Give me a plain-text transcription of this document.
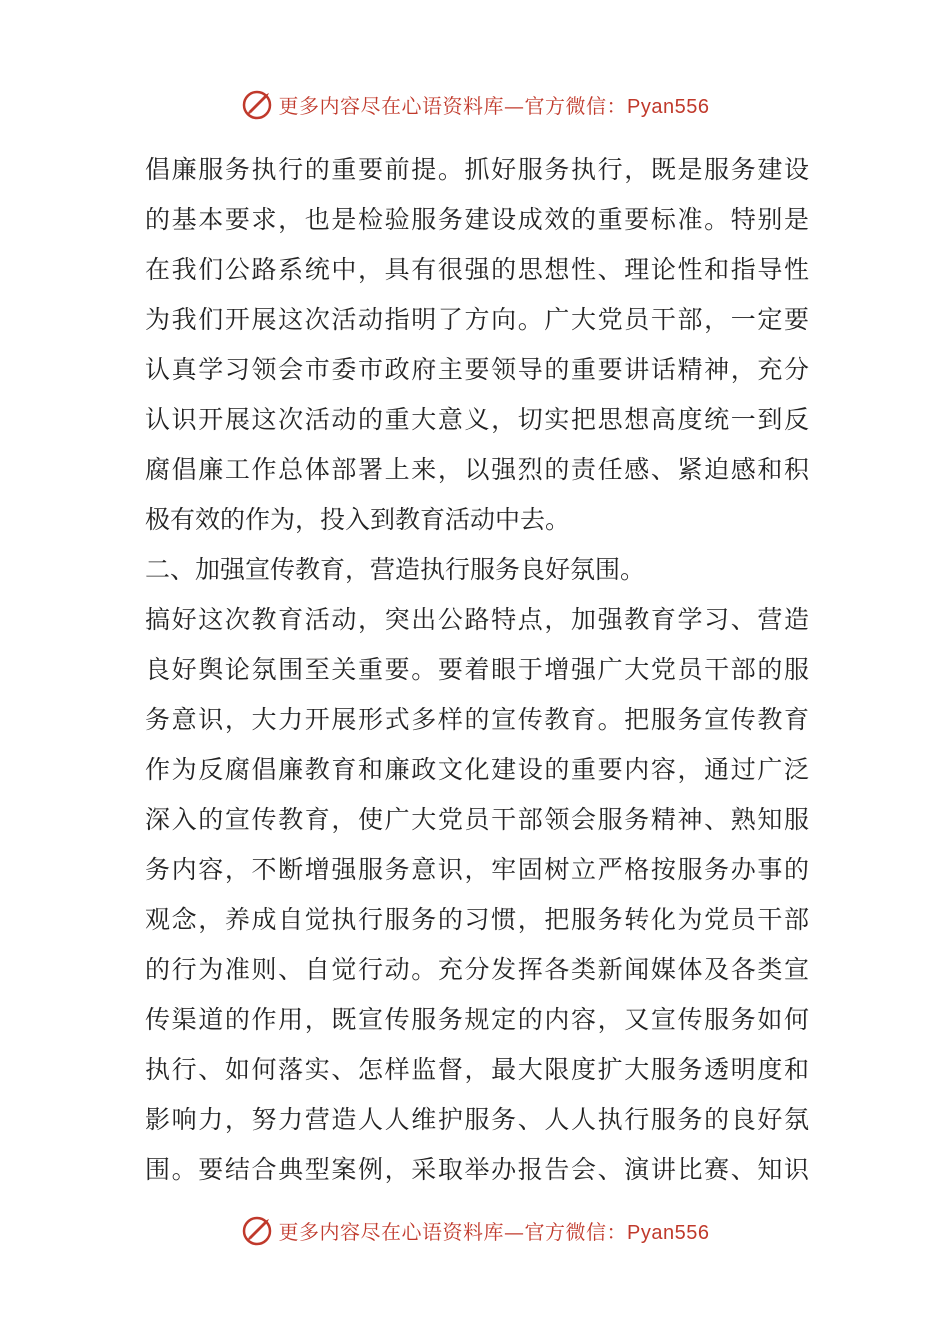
更多内容尽在心语资料库—官方微信：Pyan556
倡廉服务执行的重要前提。抓好服务执行，既是服务建设
的基本要求，也是检验服务建设成效的重要标准。特别是
在我们公路系统中，具有很强的思想性、理论性和指导性
为我们开展这次活动指明了方向。广大党员干部，一定要
认真学习领会市委市政府主要领导的重要讲话精神，充分
认识开展这次活动的重大意义，切实把思想高度统一到反
腐倡廉工作总体部署上来，以强烈的责任感、紧迫感和积
极有效的作为，投入到教育活动中去。
二、加强宣传教育，营造执行服务良好氛围。
搞好这次教育活动，突出公路特点，加强教育学习、营造
良好舆论氛围至关重要。要着眼于增强广大党员干部的服
务意识，大力开展形式多样的宣传教育。把服务宣传教育
作为反腐倡廉教育和廉政文化建设的重要内容，通过广泛
深入的宣传教育，使广大党员干部领会服务精神、熟知服
务内容，不断增强服务意识，牢固树立严格按服务办事的
观念，养成自觉执行服务的习惯，把服务转化为党员干部
的行为准则、自觉行动。充分发挥各类新闻媒体及各类宣
传渠道的作用，既宣传服务规定的内容，又宣传服务如何
执行、如何落实、怎样监督，最大限度扩大服务透明度和
影响力，努力营造人人维护服务、人人执行服务的良好氛
围。要结合典型案例，采取举办报告会、演讲比赛、知识
更多内容尽在心语资料库—官方微信：Pyan556
